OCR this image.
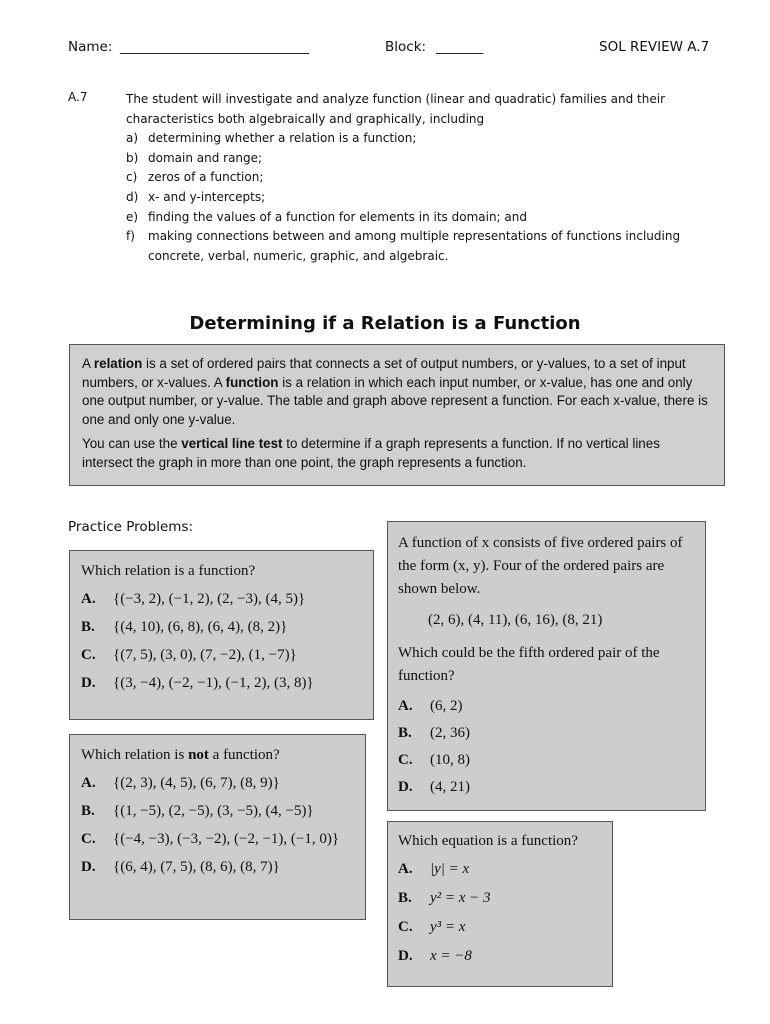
Name: ____________________________	Block: _______	SOL REVIEW A.7
A.7	The student will investigate and analyze function (linear and quadratic) families and their characteristics both algebraically and graphically, including
a) determining whether a relation is a function;
b) domain and range;
c) zeros of a function;
d) x- and y-intercepts;
e) finding the values of a function for elements in its domain; and
f) making connections between and among multiple representations of functions including concrete, verbal, numeric, graphic, and algebraic.
Determining if a Relation is a Function

A relation is a set of ordered pairs that connects a set of output numbers, or y-values, to a set of input numbers, or x-values. A function is a relation in which each input number, or x-value, has one and only one output number, or y-value. The table and graph above represent a function. For each x-value, there is one and only one y-value.

You can use the vertical line test to determine if a graph represents a function. If no vertical lines intersect the graph in more than one point, the graph represents a function.

Practice Problems:
Which relation is a function?
A. {(−3, 2), (−1, 2), (2, −3), (4, 5)}
B. {(4, 10), (6, 8), (6, 4), (8, 2)}
C. {(7, 5), (3, 0), (7, −2), (1, −7)}
D. {(3, −4), (−2, −1), (−1, 2), (3, 8)}
Which relation is not a function?
A. {(2, 3), (4, 5), (6, 7), (8, 9)}
B. {(1, −5), (2, −5), (3, −5), (4, −5)}
C. {(−4, −3), (−3, −2), (−2, −1), (−1, 0)}
D. {(6, 4), (7, 5), (8, 6), (8, 7)}
A function of x consists of five ordered pairs of the form (x, y). Four of the ordered pairs are shown below.
(2, 6), (4, 11), (6, 16), (8, 21)
Which could be the fifth ordered pair of the function?
A. (6, 2)
B. (2, 36)
C. (10, 8)
D. (4, 21)
Which equation is a function?
A. |y| = x
B. y² = x − 3
C. y³ = x
D. x = −8
